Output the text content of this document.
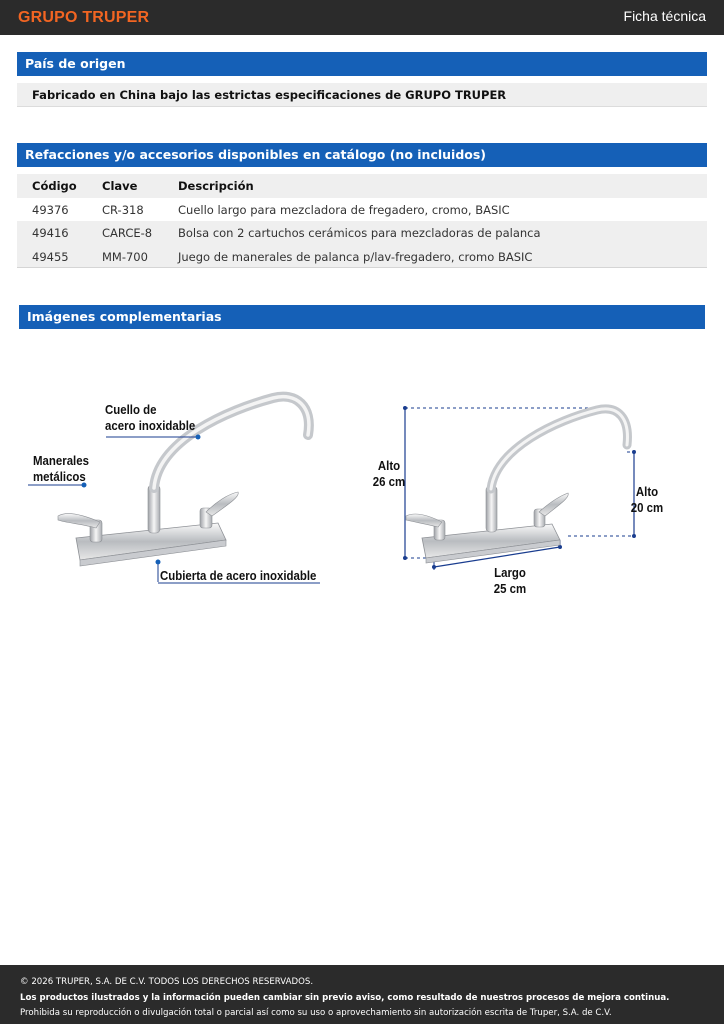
GRUPO TRUPER	Ficha técnica
País de origen
Fabricado en China bajo las estrictas especificaciones de GRUPO TRUPER
Refacciones y/o accesorios disponibles en catálogo (no incluidos)
Código Clave	Descripción
49376	CR-318	Cuello largo para mezcladora de fregadero, cromo, BASIC
49416	CARCE-8 Bolsa con 2 cartuchos cerámicos para mezcladoras de palanca
49455	MM-700	Juego de manerales de palanca p/lav-fregadero, cromo BASIC
Imágenes complementarias
Cuello de
acero inoxidable
Manerales
metálicos
Cubierta de acero inoxidable
Alto
26 cm
Alto
20 cm
Largo
25 cm
© 2026 TRUPER, S.A. DE C.V. TODOS LOS DERECHOS RESERVADOS.
Los productos ilustrados y la información pueden cambiar sin previo aviso, como resultado de nuestros procesos de mejora continua.
Prohibida su reproducción o divulgación total o parcial así como su uso o aprovechamiento sin autorización escrita de Truper, S.A. de C.V.
